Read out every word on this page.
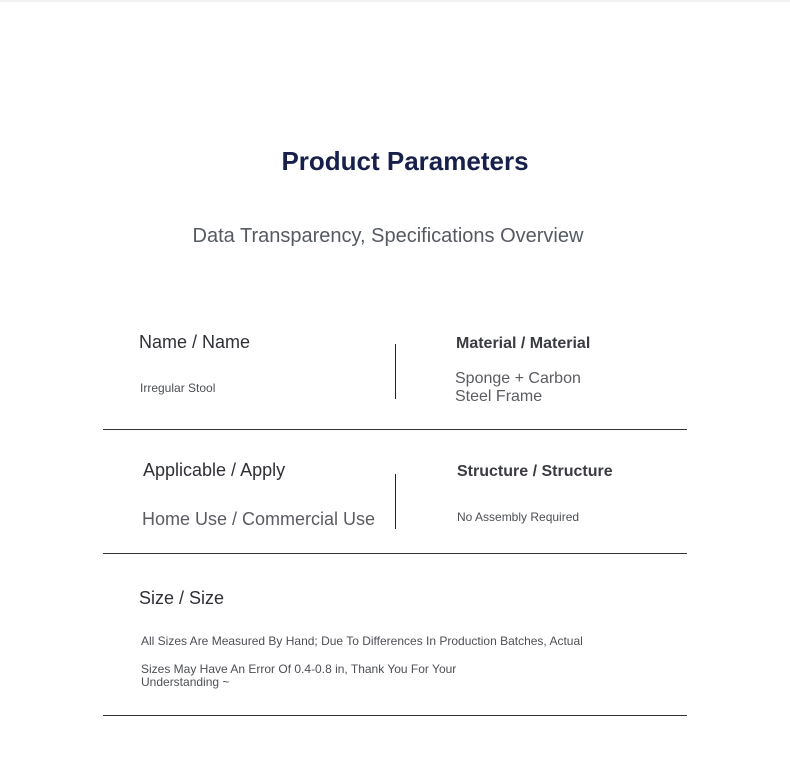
Product Parameters
Data Transparency, Specifications Overview
Name / Name
Irregular Stool
Material / Material
Sponge + Carbon
Steel Frame
Applicable / Apply
Home Use / Commercial Use
Structure / Structure
No Assembly Required
Size / Size
All Sizes Are Measured By Hand; Due To Differences In Production Batches, Actual
Sizes May Have An Error Of 0.4-0.8 in, Thank You For Your
Understanding ~
